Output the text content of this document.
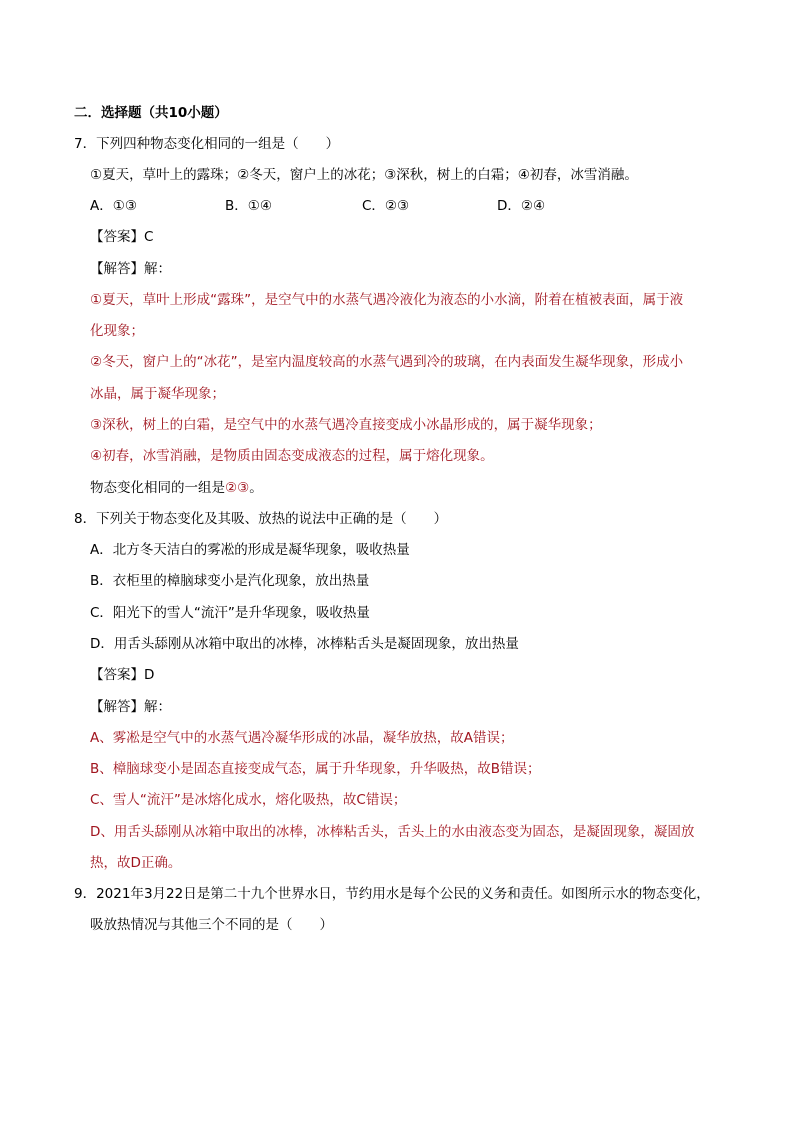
二．选择题（共10小题）
7．下列四种物态变化相同的一组是（　　）
①夏天，草叶上的露珠；②冬天，窗户上的冰花；③深秋，树上的白霜；④初春，冰雪消融。
A．①③	B．①④	C．②③	D．②④
【答案】C
【解答】解：
①夏天，草叶上形成“露珠”，是空气中的水蒸气遇冷液化为液态的小水滴，附着在植被表面，属于液
化现象；
②冬天，窗户上的“冰花”，是室内温度较高的水蒸气遇到冷的玻璃，在内表面发生凝华现象，形成小
冰晶，属于凝华现象；
③深秋，树上的白霜，是空气中的水蒸气遇冷直接变成小冰晶形成的，属于凝华现象；
④初春，冰雪消融，是物质由固态变成液态的过程，属于熔化现象。
物态变化相同的一组是②③。
8．下列关于物态变化及其吸、放热的说法中正确的是（　　）
A．北方冬天洁白的雾凇的形成是凝华现象，吸收热量
B．衣柜里的樟脑球变小是汽化现象，放出热量
C．阳光下的雪人“流汗”是升华现象，吸收热量
D．用舌头舔刚从冰箱中取出的冰棒，冰棒粘舌头是凝固现象，放出热量
【答案】D
【解答】解：
A、雾凇是空气中的水蒸气遇冷凝华形成的冰晶，凝华放热，故A错误；
B、樟脑球变小是固态直接变成气态，属于升华现象，升华吸热，故B错误；
C、雪人“流汗”是冰熔化成水，熔化吸热，故C错误；
D、用舌头舔刚从冰箱中取出的冰棒，冰棒粘舌头，舌头上的水由液态变为固态，是凝固现象，凝固放
热，故D正确。
9．2021年3月22日是第二十九个世界水日，节约用水是每个公民的义务和责任。如图所示水的物态变化，
吸放热情况与其他三个不同的是（　　）
